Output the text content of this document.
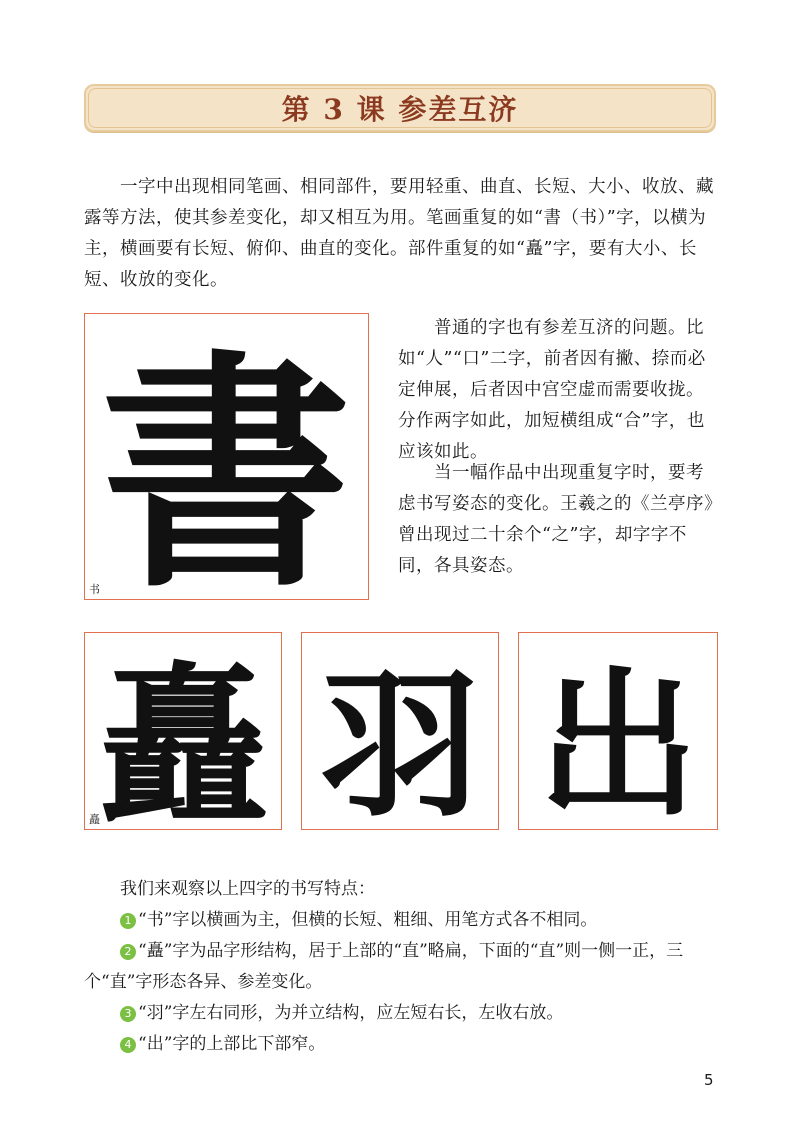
第 3 课 参差互济
一字中出现相同笔画、相同部件，要用轻重、曲直、长短、大小、收放、藏露等方法，使其参差变化，却又相互为用。笔画重复的如“書（书）”字，以横为主，横画要有长短、俯仰、曲直的变化。部件重复的如“矗”字，要有大小、长短、收放的变化。
書
书
普通的字也有参差互济的问题。比如“人”“口”二字，前者因有撇、捺而必定伸展，后者因中宫空虚而需要收拢。分作两字如此，加短横组成“合”字，也应该如此。
当一幅作品中出现重复字时，要考虑书写姿态的变化。王羲之的《兰亭序》曾出现过二十余个“之”字，却字字不同，各具姿态。
矗
矗 羽 出
我们来观察以上四字的书写特点：
1 “书”字以横画为主，但横的长短、粗细、用笔方式各不相同。
2 “矗”字为品字形结构，居于上部的“直”略扁，下面的“直”则一侧一正，三个“直”字形态各异、参差变化。
3 “羽”字左右同形，为并立结构，应左短右长，左收右放。
4 “出”字的上部比下部窄。
5
